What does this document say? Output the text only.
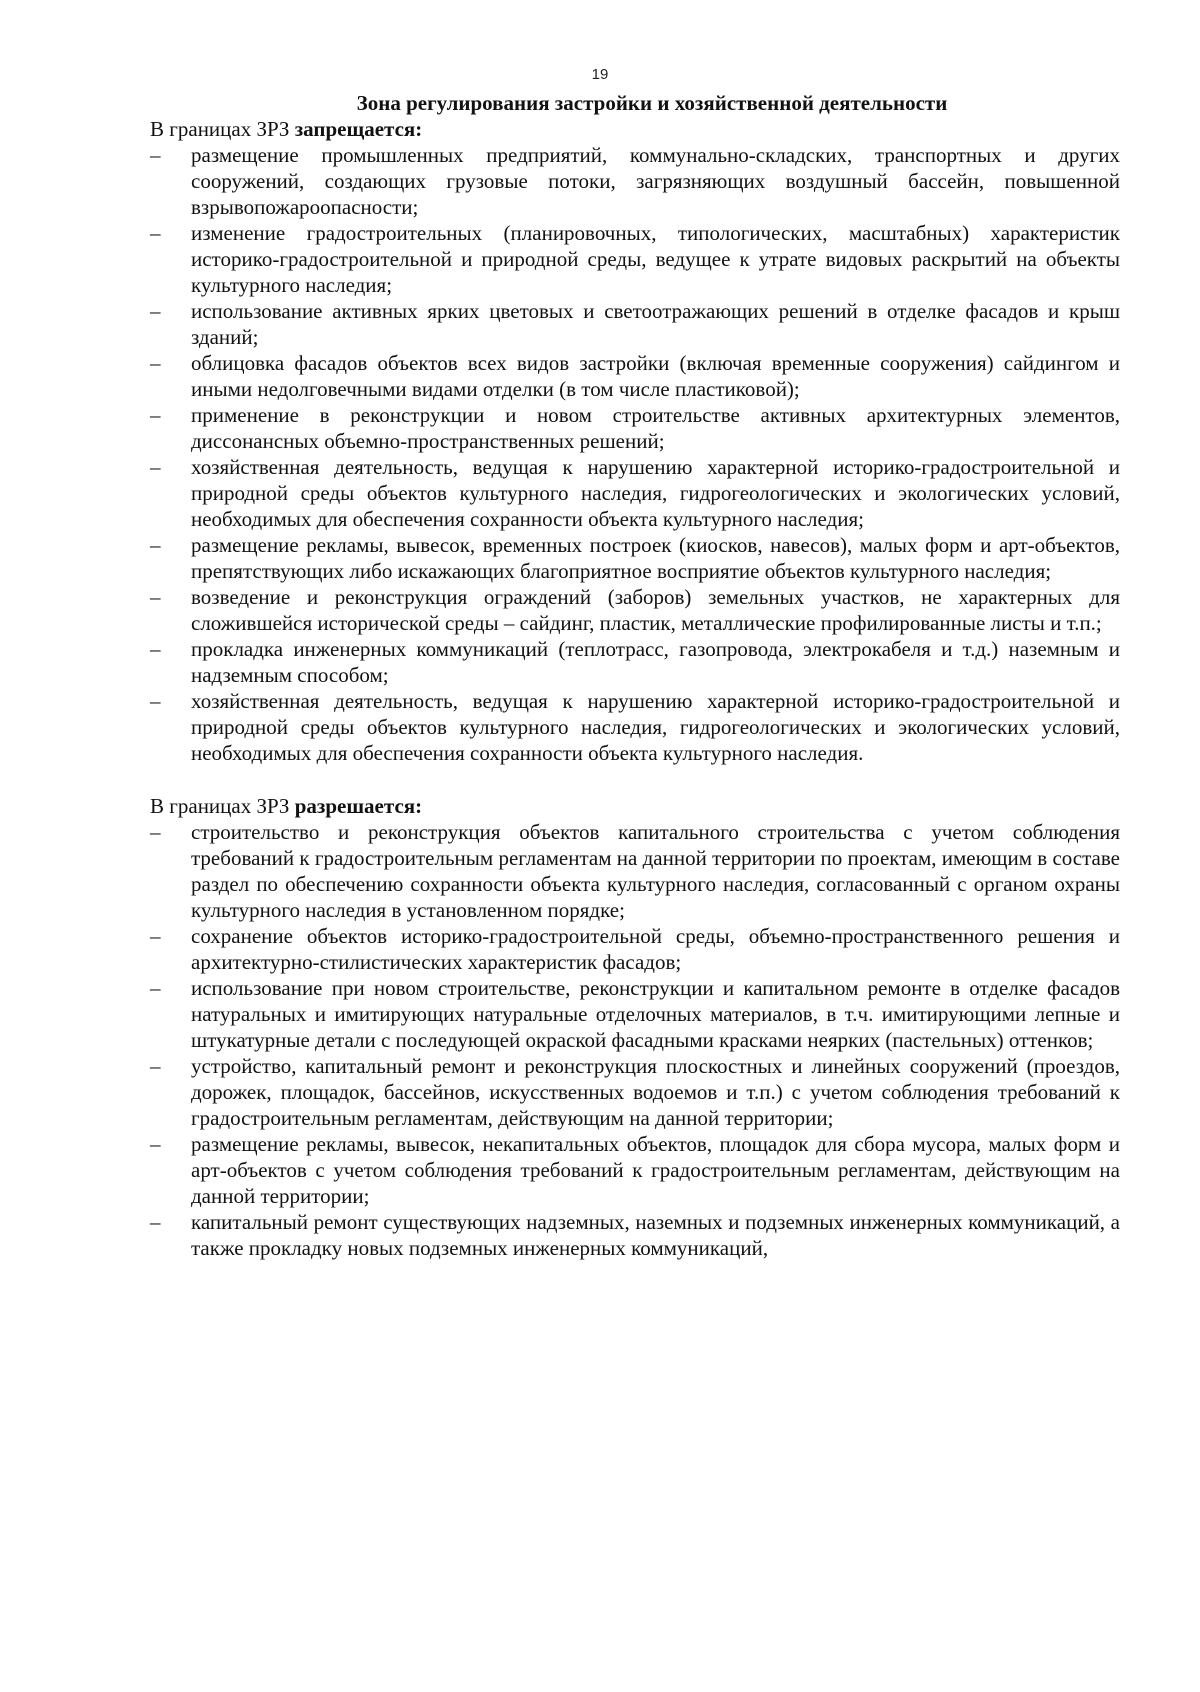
19

Зона регулирования застройки и хозяйственной деятельности

В границах ЗРЗ запрещается:

– размещение промышленных предприятий, коммунально-складских, транспортных и других сооружений, создающих грузовые потоки, загрязняющих воздушный бассейн, повышенной взрывопожароопасности;
– изменение градостроительных (планировочных, типологических, масштабных) характеристик историко-градостроительной и природной среды, ведущее к утрате видовых раскрытий на объекты культурного наследия;
– использование активных ярких цветовых и светоотражающих решений в отделке фасадов и крыш зданий;
– облицовка фасадов объектов всех видов застройки (включая временные сооружения) сайдингом и иными недолговечными видами отделки (в том числе пластиковой);
– применение в реконструкции и новом строительстве активных архитектурных элементов, диссонансных объемно-пространственных решений;
– хозяйственная деятельность, ведущая к нарушению характерной историко-градостроительной и природной среды объектов культурного наследия, гидрогеологических и экологических условий, необходимых для обеспечения сохранности объекта культурного наследия;
– размещение рекламы, вывесок, временных построек (киосков, навесов), малых форм и арт-объектов, препятствующих либо искажающих благоприятное восприятие объектов культурного наследия;
– возведение и реконструкция ограждений (заборов) земельных участков, не характерных для сложившейся исторической среды – сайдинг, пластик, металлические профилированные листы и т.п.;
– прокладка инженерных коммуникаций (теплотрасс, газопровода, электрокабеля и т.д.) наземным и надземным способом;
– хозяйственная деятельность, ведущая к нарушению характерной историко-градостроительной и природной среды объектов культурного наследия, гидрогеологических и экологических условий, необходимых для обеспечения сохранности объекта культурного наследия.

В границах ЗРЗ разрешается:

– строительство и реконструкция объектов капитального строительства с учетом соблюдения требований к градостроительным регламентам на данной территории по проектам, имеющим в составе раздел по обеспечению сохранности объекта культурного наследия, согласованный с органом охраны культурного наследия в установленном порядке;
– сохранение объектов историко-градостроительной среды, объемно-пространственного решения и архитектурно-стилистических характеристик фасадов;
– использование при новом строительстве, реконструкции и капитальном ремонте в отделке фасадов натуральных и имитирующих натуральные отделочных материалов, в т.ч. имитирующими лепные и штукатурные детали с последующей окраской фасадными красками неярких (пастельных) оттенков;
– устройство, капитальный ремонт и реконструкция плоскостных и линейных сооружений (проездов, дорожек, площадок, бассейнов, искусственных водоемов и т.п.) с учетом соблюдения требований к градостроительным регламентам, действующим на данной территории;
– размещение рекламы, вывесок, некапитальных объектов, площадок для сбора мусора, малых форм и арт-объектов с учетом соблюдения требований к градостроительным регламентам, действующим на данной территории;
– капитальный ремонт существующих надземных, наземных и подземных инженерных коммуникаций, а также прокладку новых подземных инженерных коммуникаций,
